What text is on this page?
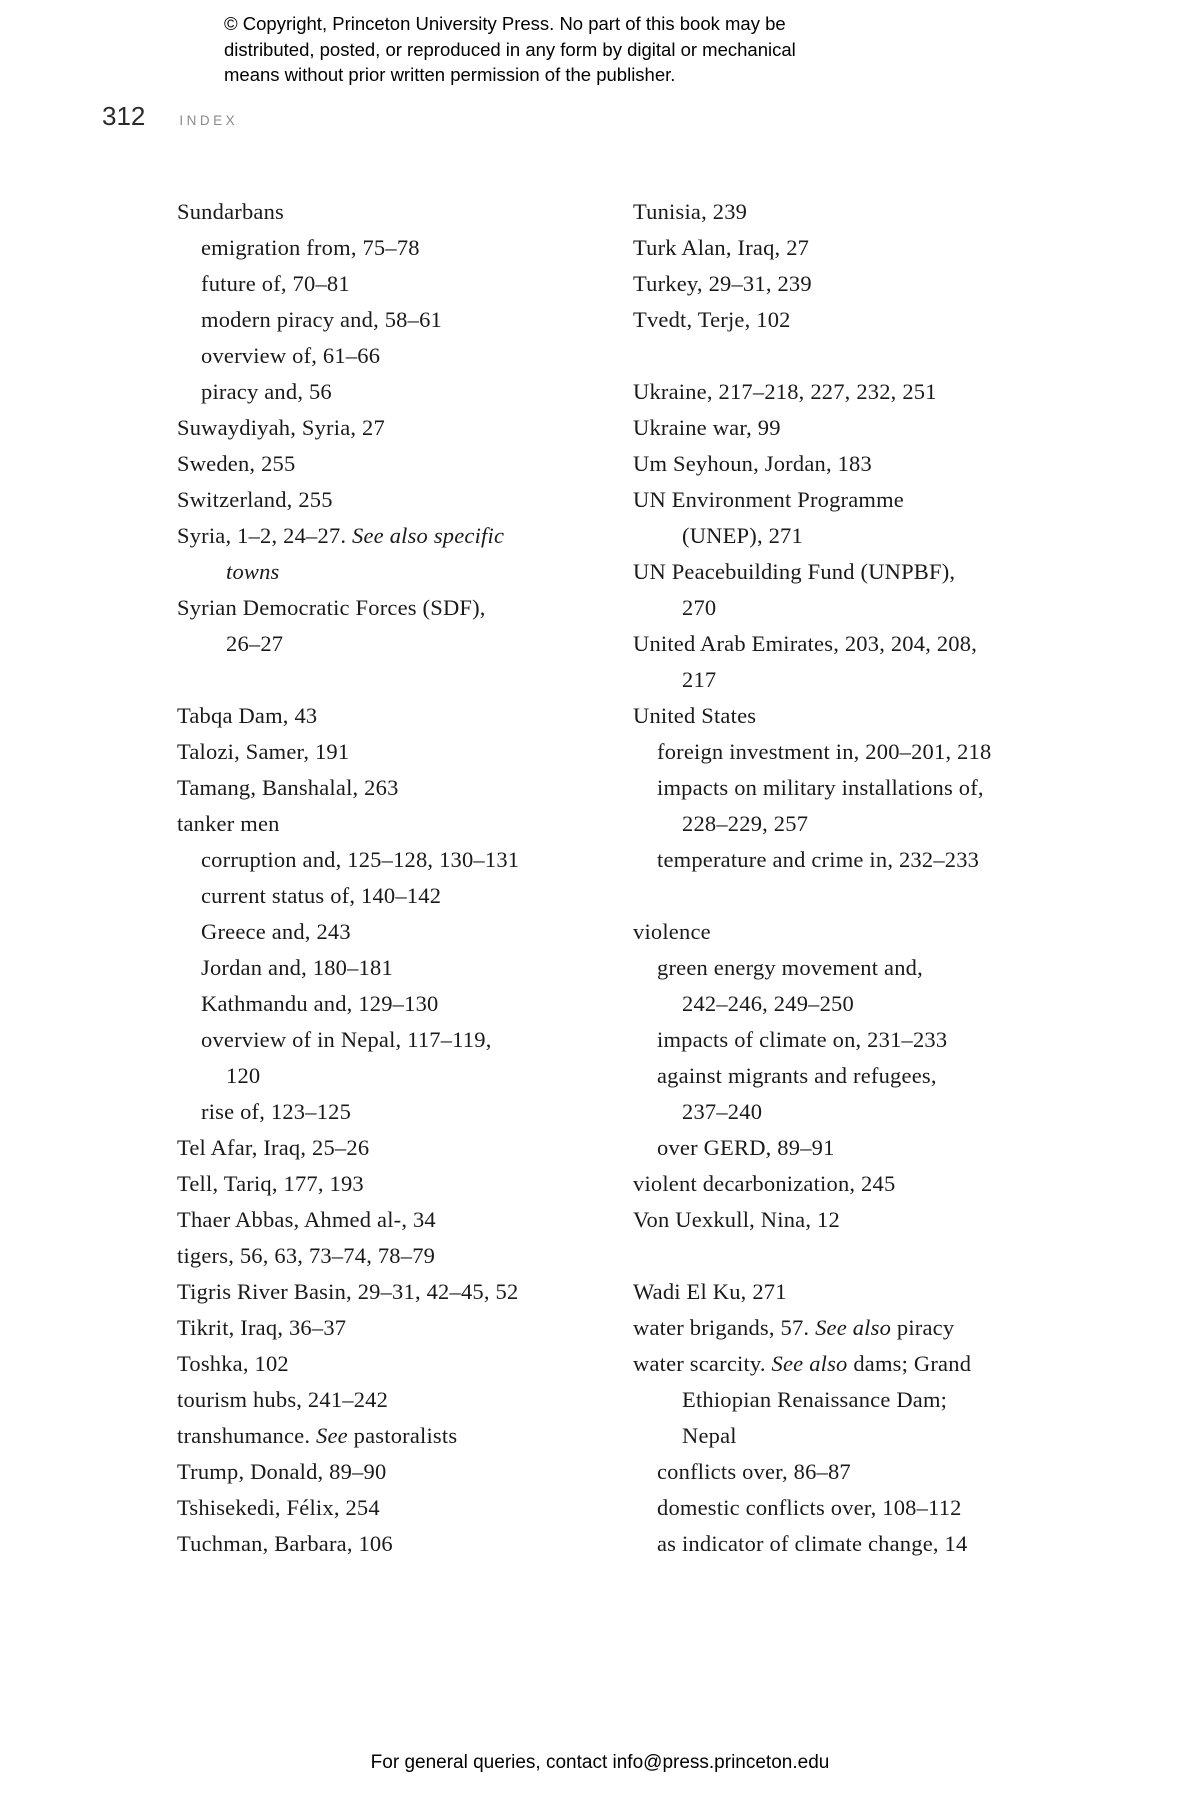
© Copyright, Princeton University Press. No part of this book may be
distributed, posted, or reproduced in any form by digital or mechanical
means without prior written permission of the publisher.
312	INDEX
Sundarbans
emigration from, 75–78
future of, 70–81
modern piracy and, 58–61
overview of, 61–66
piracy and, 56
Suwaydiyah, Syria, 27
Sweden, 255
Switzerland, 255
Syria, 1–2, 24–27. See also specific
towns
Syrian Democratic Forces (SDF),
26–27
Tabqa Dam, 43
Talozi, Samer, 191
Tamang, Banshalal, 263
tanker men
corruption and, 125–128, 130–131
current status of, 140–142
Greece and, 243
Jordan and, 180–181
Kathmandu and, 129–130
overview of in Nepal, 117–119,
120
rise of, 123–125
Tel Afar, Iraq, 25–26
Tell, Tariq, 177, 193
Thaer Abbas, Ahmed al-, 34
tigers, 56, 63, 73–74, 78–79
Tigris River Basin, 29–31, 42–45, 52
Tikrit, Iraq, 36–37
Toshka, 102
tourism hubs, 241–242
transhumance. See pastoralists
Trump, Donald, 89–90
Tshisekedi, Félix, 254
Tuchman, Barbara, 106
Tunisia, 239
Turk Alan, Iraq, 27
Turkey, 29–31, 239
Tvedt, Terje, 102
Ukraine, 217–218, 227, 232, 251
Ukraine war, 99
Um Seyhoun, Jordan, 183
UN Environment Programme
(UNEP), 271
UN Peacebuilding Fund (UNPBF),
270
United Arab Emirates, 203, 204, 208,
217
United States
foreign investment in, 200–201, 218
impacts on military installations of,
228–229, 257
temperature and crime in, 232–233
violence
green energy movement and,
242–246, 249–250
impacts of climate on, 231–233
against migrants and refugees,
237–240
over GERD, 89–91
violent decarbonization, 245
Von Uexkull, Nina, 12
Wadi El Ku, 271
water brigands, 57. See also piracy
water scarcity. See also dams; Grand
Ethiopian Renaissance Dam;
Nepal
conflicts over, 86–87
domestic conflicts over, 108–112
as indicator of climate change, 14
For general queries, contact info@press.princeton.edu
